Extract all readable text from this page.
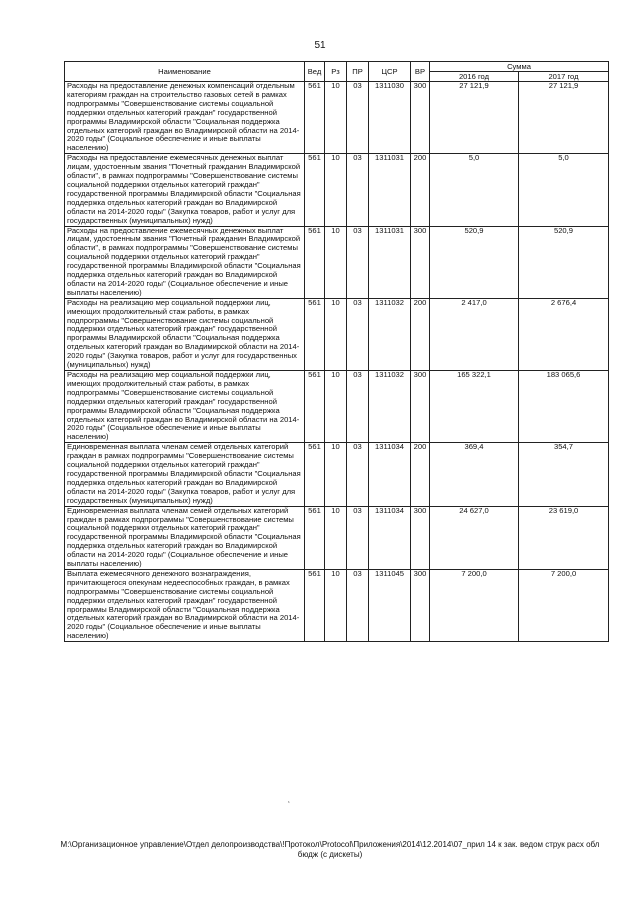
51
Наименование	Вед	Рз	ПР	ЦСР	ВР	Сумма	
						2016 год	2017 год
Расходы на предоставление денежных компенсаций отдельным категориям граждан на строительство газовых сетей в рамках подпрограммы "Совершенствование системы социальной поддержки отдельных категорий граждан" государственной программы Владимирской области "Социальная поддержка отдельных категорий граждан во Владимирской области на 2014-2020 годы" (Социальное обеспечение и иные выплаты населению)	561	10	03	1311030	300	27 121,9	27 121,9
Расходы на предоставление ежемесячных денежных выплат лицам, удостоенным звания "Почетный гражданин Владимирской области", в рамках подпрограммы "Совершенствование системы социальной поддержки отдельных категорий граждан" государственной программы Владимирской области "Социальная поддержка отдельных категорий граждан во Владимирской области на 2014-2020 годы" (Закупка товаров, работ и услуг для государственных (муниципальных) нужд)	561	10	03	1311031	200	5,0	5,0
Расходы на предоставление ежемесячных денежных выплат лицам, удостоенным звания "Почетный гражданин Владимирской области", в рамках подпрограммы "Совершенствование системы социальной поддержки отдельных категорий граждан" государственной программы Владимирской области "Социальная поддержка отдельных категорий граждан во Владимирской области на 2014-2020 годы" (Социальное обеспечение и иные выплаты населению)	561	10	03	1311031	300	520,9	520,9
Расходы на реализацию мер социальной поддержки лиц, имеющих продолжительный стаж работы, в рамках подпрограммы "Совершенствование системы социальной поддержки отдельных категорий граждан" государственной программы Владимирской области "Социальная поддержка отдельных категорий граждан во Владимирской области на 2014-2020 годы" (Закупка товаров, работ и услуг для государственных (муниципальных) нужд)	561	10	03	1311032	200	2 417,0	2 676,4
Расходы на реализацию мер социальной поддержки лиц, имеющих продолжительный стаж работы, в рамках подпрограммы "Совершенствование системы социальной поддержки отдельных категорий граждан" государственной программы Владимирской области "Социальная поддержка отдельных категорий граждан во Владимирской области на 2014-2020 годы" (Социальное обеспечение и иные выплаты населению)	561	10	03	1311032	300	165 322,1	183 065,6
Единовременная выплата членам семей отдельных категорий граждан в рамках подпрограммы "Совершенствование системы социальной поддержки отдельных категорий граждан" государственной программы Владимирской области "Социальная поддержка отдельных категорий граждан во Владимирской области на 2014-2020 годы" (Закупка товаров, работ и услуг для государственных (муниципальных) нужд)	561	10	03	1311034	200	369,4	354,7
Единовременная выплата членам семей отдельных категорий граждан в рамках подпрограммы "Совершенствование системы социальной поддержки отдельных категорий граждан" государственной программы Владимирской области "Социальная поддержка отдельных категорий граждан во Владимирской области на 2014-2020 годы" (Социальное обеспечение и иные выплаты населению)	561	10	03	1311034	300	24 627,0	23 619,0
Выплата ежемесячного денежного вознаграждения, причитающегося опекунам недееспособных граждан, в рамках подпрограммы "Совершенствование системы социальной поддержки отдельных категорий граждан" государственной программы Владимирской области "Социальная поддержка отдельных категорий граждан во Владимирской области на 2014-2020 годы" (Социальное обеспечение и иные выплаты населению)	561	10	03	1311045	300	7 200,0	7 200,0
`
M:\Организационное управление\Отдел делопроизводства\!Протокол\Protocol\Приложения\2014\12.2014\07_прил 14 к зак. ведом струк расх обл бюдж (с дискеты)
